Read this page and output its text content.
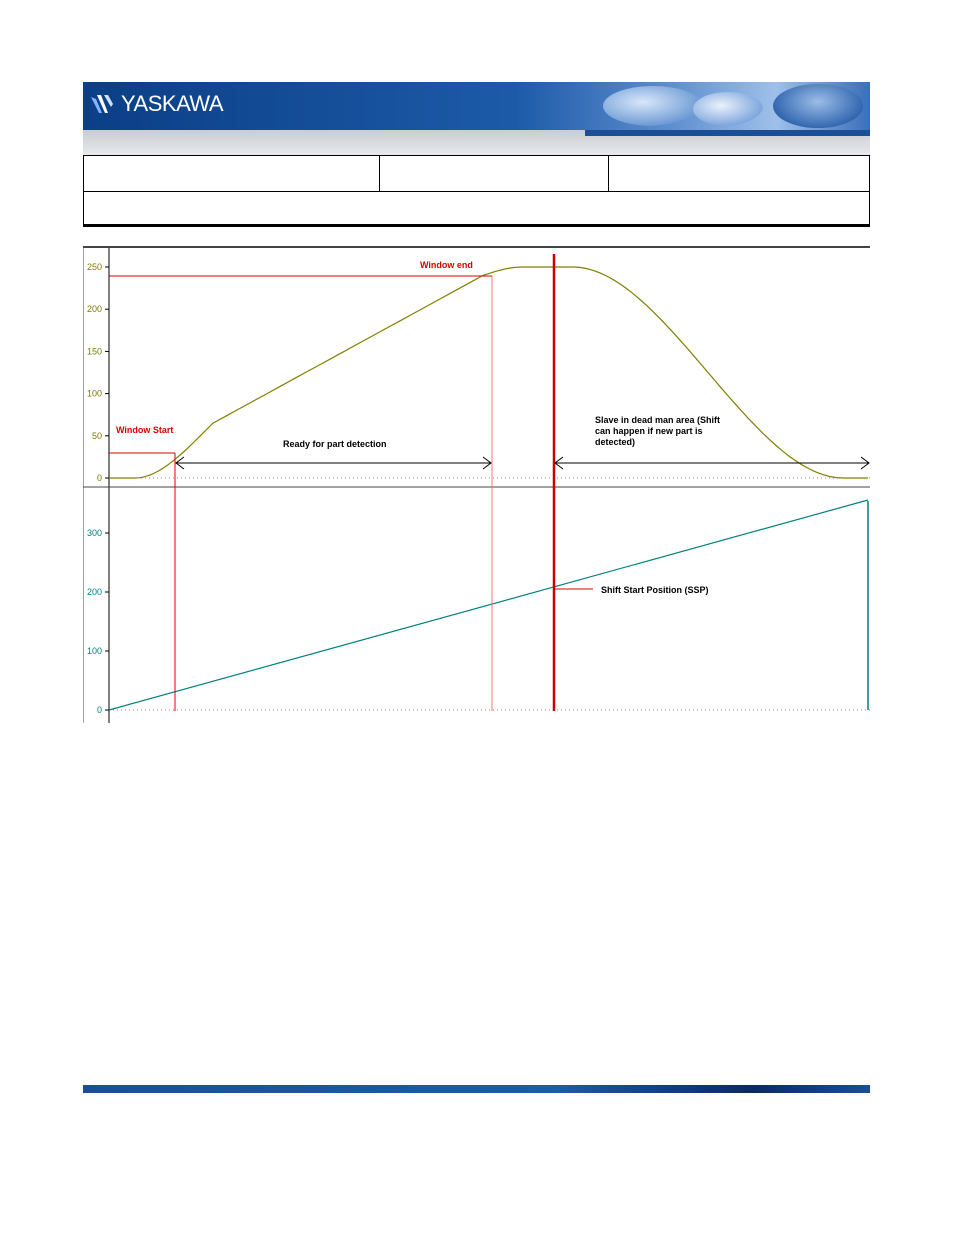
YASKAWA
250
200
150
100
50
0
300
200
100
0
Window Start
Window end
Shift Start Position (SSP)
Ready for part detection
Slave in dead man area (Shift
can happen if new part is
detected)
